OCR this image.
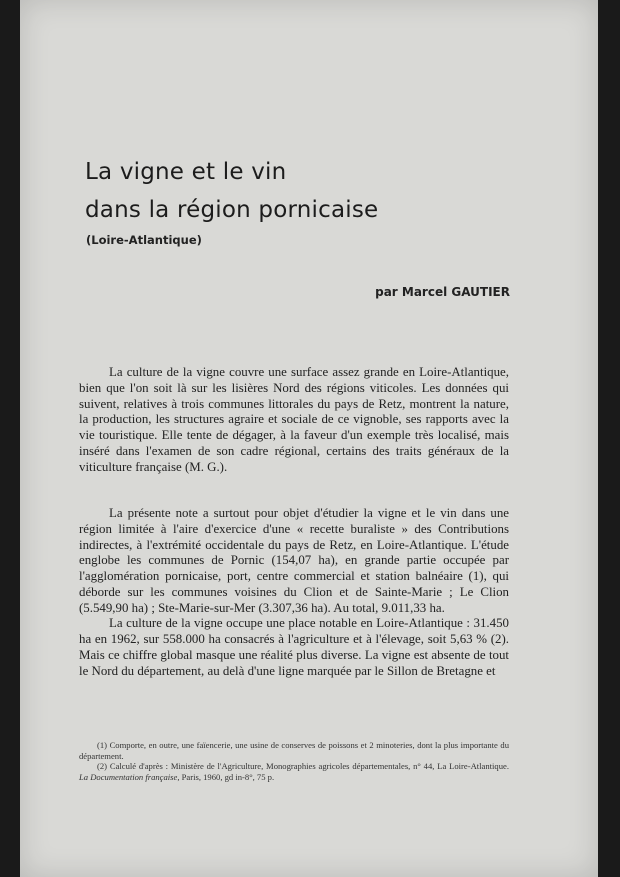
La vigne et le vin
dans la région pornicaise
(Loire-Atlantique)
par Marcel GAUTIER

La culture de la vigne couvre une surface assez grande en Loire-Atlantique, bien que l'on soit là sur les lisières Nord des régions viticoles. Les données qui suivent, relatives à trois communes littorales du pays de Retz, montrent la nature, la production, les structures agraire et sociale de ce vignoble, ses rapports avec la vie touristique. Elle tente de dégager, à la faveur d'un exemple très localisé, mais inséré dans l'examen de son cadre régional, certains des traits généraux de la viticulture française (M. G.).

La présente note a surtout pour objet d'étudier la vigne et le vin dans une région limitée à l'aire d'exercice d'une « recette buraliste » des Contributions indirectes, à l'extrémité occidentale du pays de Retz, en Loire-Atlantique. L'étude englobe les communes de Pornic (154,07 ha), en grande partie occupée par l'agglomération pornicaise, port, centre commercial et station balnéaire (1), qui déborde sur les communes voisines du Clion et de Sainte-Marie ; Le Clion (5.549,90 ha) ; Ste-Marie-sur-Mer (3.307,36 ha). Au total, 9.011,33 ha.

La culture de la vigne occupe une place notable en Loire-Atlantique : 31.450 ha en 1962, sur 558.000 ha consacrés à l'agriculture et à l'élevage, soit 5,63 % (2). Mais ce chiffre global masque une réalité plus diverse. La vigne est absente de tout le Nord du département, au delà d'une ligne marquée par le Sillon de Bretagne et

(1) Comporte, en outre, une faïencerie, une usine de conserves de poissons et 2 minoteries, dont la plus importante du département.

(2) Calculé d'après : Ministère de l'Agriculture, Monographies agricoles départementales, n° 44, La Loire-Atlantique. La Documentation française, Paris, 1960, gd in-8°, 75 p.
